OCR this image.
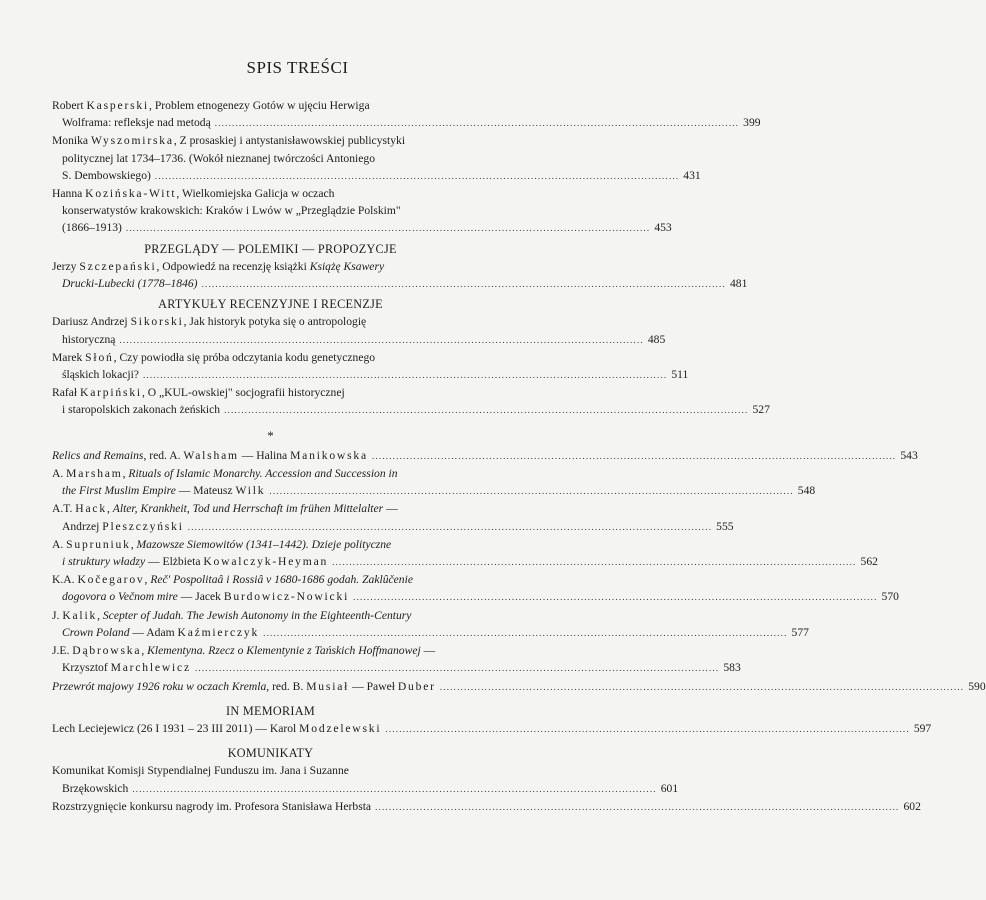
SPIS TREŚCI
Robert Kasperski, Problem etnogenezy Gotów w ujęciu Herwiga
Wolframa: refleksje nad metodą ........................................................................................................................................................ 399
Monika Wyszomirska, Z prosaskiej i antystanisławowskiej publicystyki
politycznej lat 1734–1736. (Wokół nieznanej twórczości Antoniego
S. Dembowskiego) ........................................................................................................................................................ 431
Hanna Kozińska-Witt, Wielkomiejska Galicja w oczach
konserwatystów krakowskich: Kraków i Lwów w „Przeglądzie Polskim"
(1866–1913) ........................................................................................................................................................ 453
PRZEGLĄDY — POLEMIKI — PROPOZYCJE
Jerzy Szczepański, Odpowiedź na recenzję książki Książę Ksawery
Drucki-Lubecki (1778–1846) ........................................................................................................................................................ 481
ARTYKUŁY RECENZYJNE I RECENZJE
Dariusz Andrzej Sikorski, Jak historyk potyka się o antropologię
historyczną ........................................................................................................................................................ 485
Marek Słoń, Czy powiodła się próba odczytania kodu genetycznego
śląskich lokacji? ........................................................................................................................................................ 511
Rafał Karpiński, O „KUL-owskiej" socjografii historycznej
i staropolskich zakonach żeńskich ........................................................................................................................................................ 527
*
Relics and Remains, red. A. Walsham — Halina Manikowska ........................................................................................................................................................ 543
A. Marsham, Rituals of Islamic Monarchy. Accession and Succession in
the First Muslim Empire — Mateusz Wilk ........................................................................................................................................................ 548
A.T. Hack, Alter, Krankheit, Tod und Herrschaft im frühen Mittelalter —
Andrzej Pleszczyński ........................................................................................................................................................ 555
A. Supruniuk, Mazowsze Siemowitów (1341–1442). Dzieje polityczne
i struktury władzy — Elżbieta Kowalczyk-Heyman ........................................................................................................................................................ 562
K.A. Kočegarov, Reč' Pospolitaâ i Rossiâ v 1680-1686 godah. Zaklûčenie
dogovora o Večnom mire — Jacek Burdowicz-Nowicki ........................................................................................................................................................ 570
J. Kalik, Scepter of Judah. The Jewish Autonomy in the Eighteenth-Century
Crown Poland — Adam Kaźmierczyk ........................................................................................................................................................ 577
J.E. Dąbrowska, Klementyna. Rzecz o Klementynie z Tańskich Hoffmanowej —
Krzysztof Marchlewicz ........................................................................................................................................................ 583
Przewrót majowy 1926 roku w oczach Kremla, red. B. Musiał — Paweł Duber ........................................................................................................................................................ 590
IN MEMORIAM
Lech Leciejewicz (26 I 1931 – 23 III 2011) — Karol Modzelewski ........................................................................................................................................................ 597
KOMUNIKATY
Komunikat Komisji Stypendialnej Funduszu im. Jana i Suzanne
Brzękowskich ........................................................................................................................................................ 601
Rozstrzygnięcie konkursu nagrody im. Profesora Stanisława Herbsta ........................................................................................................................................................ 602
